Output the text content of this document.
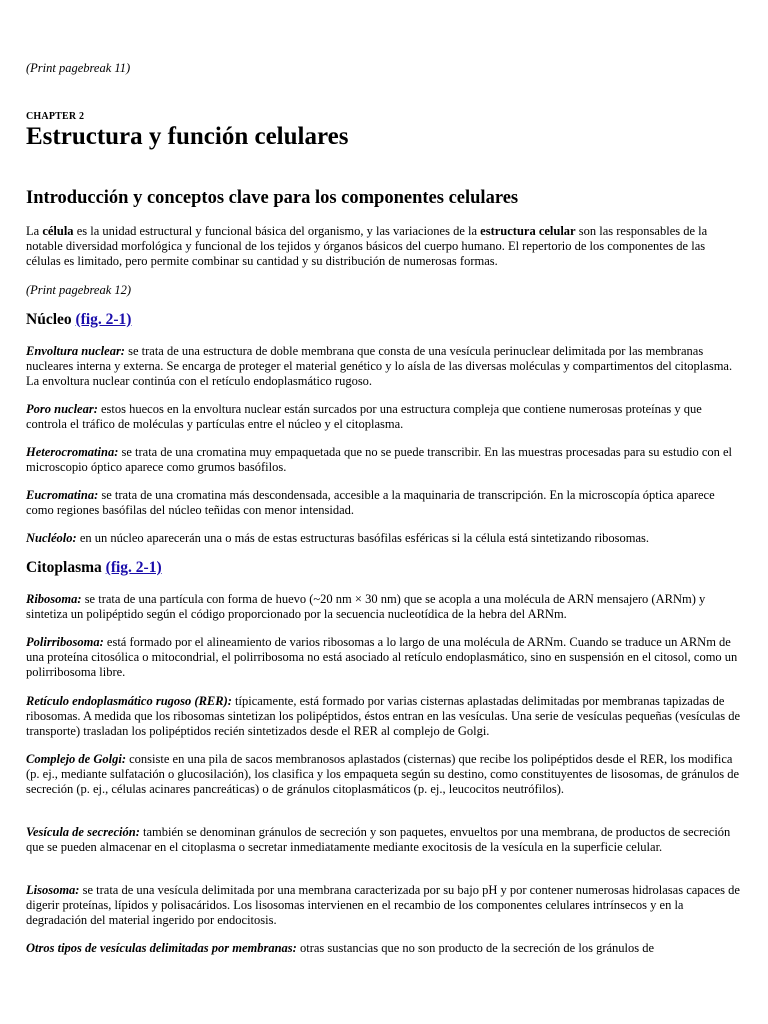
(Print pagebreak 11)
CHAPTER 2
Estructura y función celulares
Introducción y conceptos clave para los componentes celulares

La célula es la unidad estructural y funcional básica del organismo, y las variaciones de la estructura celular son las responsables de la notable diversidad morfológica y funcional de los tejidos y órganos básicos del cuerpo humano. El repertorio de los componentes de las células es limitado, pero permite combinar su cantidad y su distribución de numerosas formas.

(Print pagebreak 12)
Núcleo (fig. 2-1)

Envoltura nuclear: se trata de una estructura de doble membrana que consta de una vesícula perinuclear delimitada por las membranas nucleares interna y externa. Se encarga de proteger el material genético y lo aísla de las diversas moléculas y compartimentos del citoplasma. La envoltura nuclear continúa con el retículo endoplasmático rugoso.

Poro nuclear: estos huecos en la envoltura nuclear están surcados por una estructura compleja que contiene numerosas proteínas y que controla el tráfico de moléculas y partículas entre el núcleo y el citoplasma.

Heterocromatina: se trata de una cromatina muy empaquetada que no se puede transcribir. En las muestras procesadas para su estudio con el microscopio óptico aparece como grumos basófilos.

Eucromatina: se trata de una cromatina más descondensada, accesible a la maquinaria de transcripción. En la microscopía óptica aparece como regiones basófilas del núcleo teñidas con menor intensidad.

Nucléolo: en un núcleo aparecerán una o más de estas estructuras basófilas esféricas si la célula está sintetizando ribosomas.

Citoplasma (fig. 2-1)

Ribosoma: se trata de una partícula con forma de huevo (~20 nm × 30 nm) que se acopla a una molécula de ARN mensajero (ARNm) y sintetiza un polipéptido según el código proporcionado por la secuencia nucleotídica de la hebra del ARNm.

Polirribosoma: está formado por el alineamiento de varios ribosomas a lo largo de una molécula de ARNm. Cuando se traduce un ARNm de una proteína citosólica o mitocondrial, el polirribosoma no está asociado al retículo endoplasmático, sino en suspensión en el citosol, como un polirribosoma libre.

Retículo endoplasmático rugoso (RER): típicamente, está formado por varias cisternas aplastadas delimitadas por membranas tapizadas de ribosomas. A medida que los ribosomas sintetizan los polipéptidos, éstos entran en las vesículas. Una serie de vesículas pequeñas (vesículas de transporte) trasladan los polipéptidos recién sintetizados desde el RER al complejo de Golgi.

Complejo de Golgi: consiste en una pila de sacos membranosos aplastados (cisternas) que recibe los polipéptidos desde el RER, los modifica (p. ej., mediante sulfatación o glucosilación), los clasifica y los empaqueta según su destino, como constituyentes de lisosomas, de gránulos de secreción (p. ej., células acinares pancreáticas) o de gránulos citoplasmáticos (p. ej., leucocitos neutrófilos).

Vesícula de secreción: también se denominan gránulos de secreción y son paquetes, envueltos por una membrana, de productos de secreción que se pueden almacenar en el citoplasma o secretar inmediatamente mediante exocitosis de la vesícula en la superficie celular.

Lisosoma: se trata de una vesícula delimitada por una membrana caracterizada por su bajo pH y por contener numerosas hidrolasas capaces de digerir proteínas, lípidos y polisacáridos. Los lisosomas intervienen en el recambio de los componentes celulares intrínsecos y en la degradación del material ingerido por endocitosis.

Otros tipos de vesículas delimitadas por membranas: otras sustancias que no son producto de la secreción de los gránulos de
